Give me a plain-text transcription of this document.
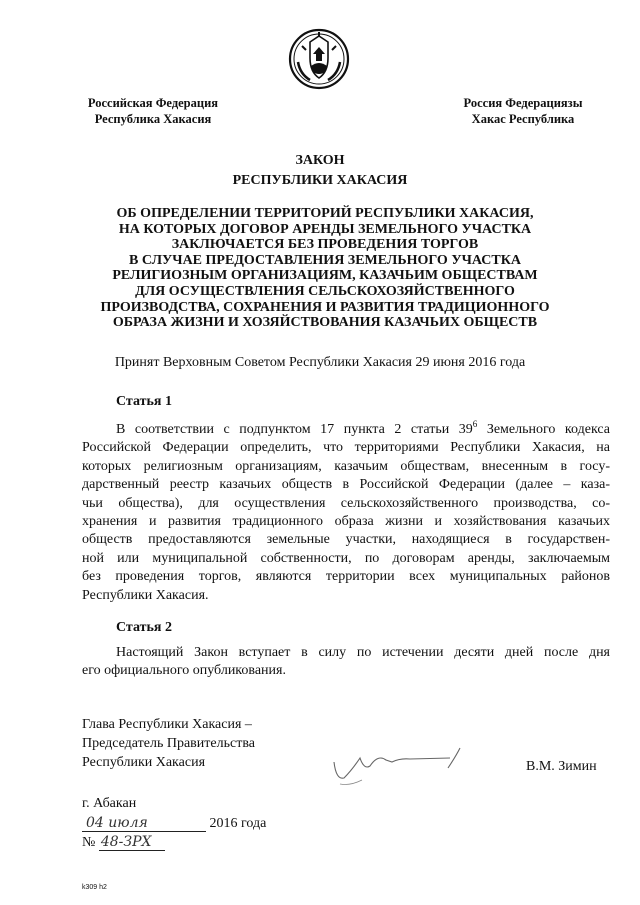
Российская Федерация
Республика Хакасия
Россия Федерациязы
Хакас Республика
ЗАКОН
РЕСПУБЛИКИ ХАКАСИЯ
ОБ ОПРЕДЕЛЕНИИ ТЕРРИТОРИЙ РЕСПУБЛИКИ ХАКАСИЯ,
НА КОТОРЫХ ДОГОВОР АРЕНДЫ ЗЕМЕЛЬНОГО УЧАСТКА
ЗАКЛЮЧАЕТСЯ БЕЗ ПРОВЕДЕНИЯ ТОРГОВ
В СЛУЧАЕ ПРЕДОСТАВЛЕНИЯ ЗЕМЕЛЬНОГО УЧАСТКА
РЕЛИГИОЗНЫМ ОРГАНИЗАЦИЯМ, КАЗАЧЬИМ ОБЩЕСТВАМ
ДЛЯ ОСУЩЕСТВЛЕНИЯ СЕЛЬСКОХОЗЯЙСТВЕННОГО
ПРОИЗВОДСТВА, СОХРАНЕНИЯ И РАЗВИТИЯ ТРАДИЦИОННОГО
ОБРАЗА ЖИЗНИ И ХОЗЯЙСТВОВАНИЯ КАЗАЧЬИХ ОБЩЕСТВ
Принят Верховным Советом Республики Хакасия 29 июня 2016 года
Статья 1
В соответствии с подпунктом 17 пункта 2 статьи $39^6$ Земельного кодекса
Российской Федерации определить, что территориями Республики Хакасия, на
которых религиозным организациям, казачьим обществам, внесенным в госу-
дарственный реестр казачьих обществ в Российской Федерации (далее – каза-
чьи общества), для осуществления сельскохозяйственного производства, со-
хранения и развития традиционного образа жизни и хозяйствования казачьих
обществ предоставляются земельные участки, находящиеся в государствен-
ной или муниципальной собственности, по договорам аренды, заключаемым
без проведения торгов, являются территории всех муниципальных районов
Республики Хакасия.
Статья 2
Настоящий Закон вступает в силу по истечении десяти дней после дня
его официального опубликования.
Глава Республики Хакасия –
Председатель Правительства
Республики Хакасия	В.М. Зимин
г. Абакан
04 июля	2016 года
№ 48-ЗРХ
k309 h2
